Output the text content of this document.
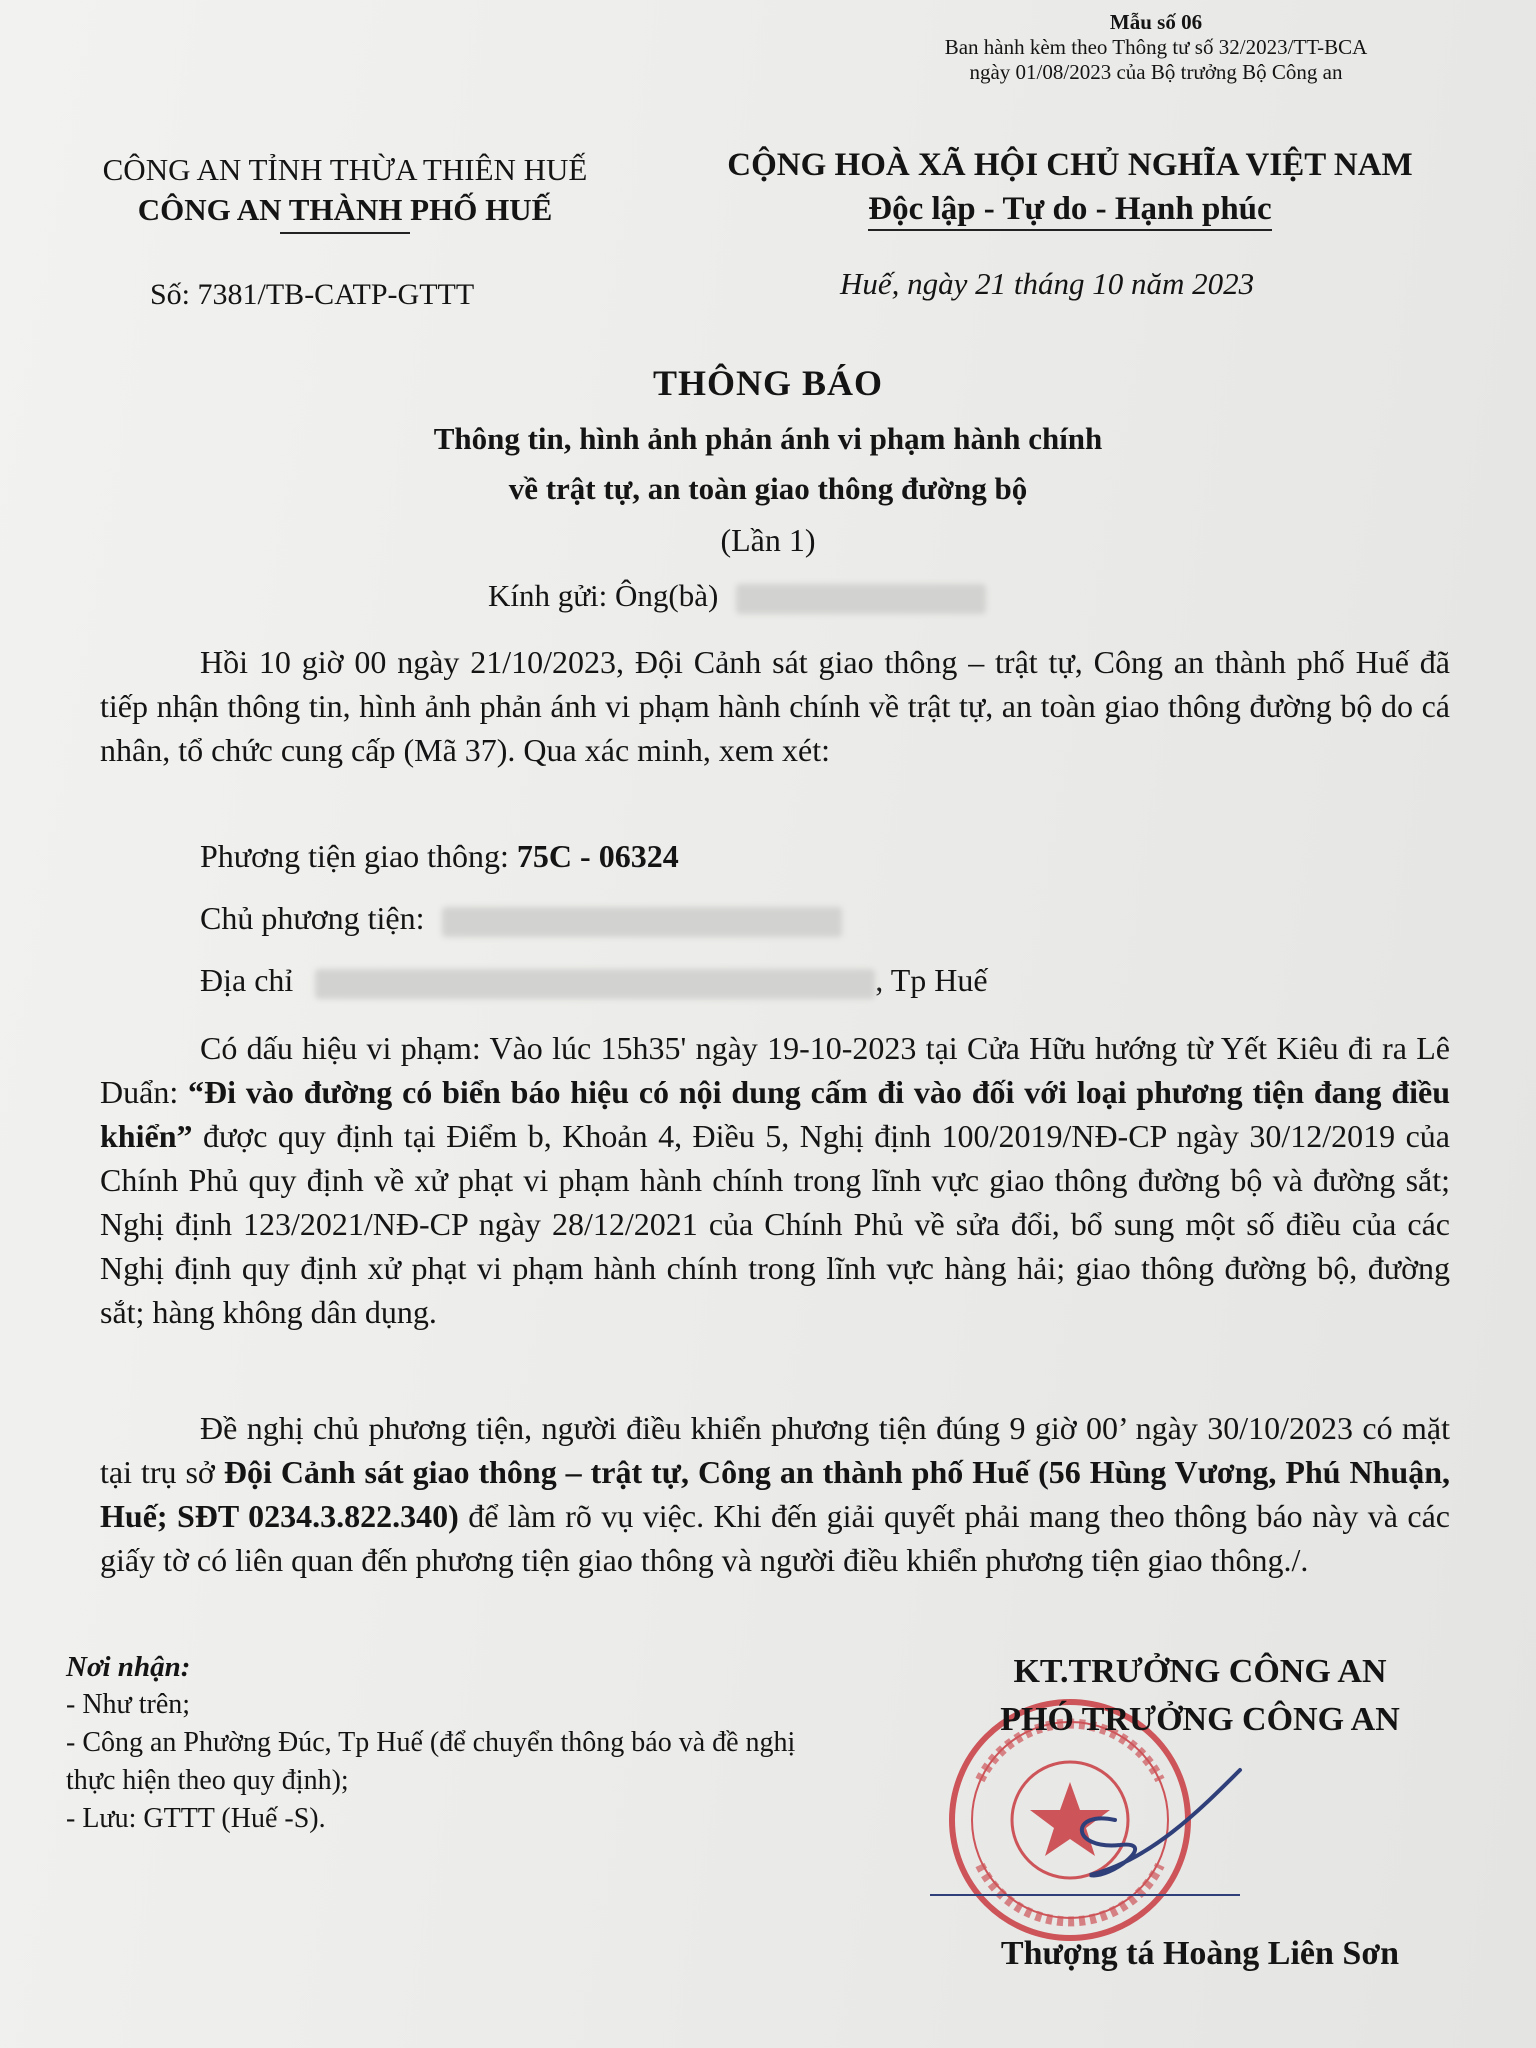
Mẫu số 06
Ban hành kèm theo Thông tư số 32/2023/TT-BCA
ngày 01/08/2023 của Bộ trưởng Bộ Công an
CÔNG AN TỈNH THỪA THIÊN HUẾ
CÔNG AN THÀNH PHỐ HUẾ
CỘNG HOÀ XÃ HỘI CHỦ NGHĨA VIỆT NAM
Độc lập - Tự do - Hạnh phúc
Số: 7381/TB-CATP-GTTT	Huế, ngày 21 tháng 10 năm 2023
THÔNG BÁO
Thông tin, hình ảnh phản ánh vi phạm hành chính
về trật tự, an toàn giao thông đường bộ
(Lần 1)
Kính gửi: Ông(bà)
Hồi 10 giờ 00 ngày 21/10/2023, Đội Cảnh sát giao thông – trật tự, Công an thành phố Huế đã tiếp nhận thông tin, hình ảnh phản ánh vi phạm hành chính về trật tự, an toàn giao thông đường bộ do cá nhân, tổ chức cung cấp (Mã 37). Qua xác minh, xem xét:
Phương tiện giao thông: 75C - 06324
Chủ phương tiện:
Địa chỉ	, Tp Huế
Có dấu hiệu vi phạm: Vào lúc 15h35' ngày 19-10-2023 tại Cửa Hữu hướng từ Yết Kiêu đi ra Lê Duẩn: “Đi vào đường có biển báo hiệu có nội dung cấm đi vào đối với loại phương tiện đang điều khiển” được quy định tại Điểm b, Khoản 4, Điều 5, Nghị định 100/2019/NĐ-CP ngày 30/12/2019 của Chính Phủ quy định về xử phạt vi phạm hành chính trong lĩnh vực giao thông đường bộ và đường sắt; Nghị định 123/2021/NĐ-CP ngày 28/12/2021 của Chính Phủ về sửa đổi, bổ sung một số điều của các Nghị định quy định xử phạt vi phạm hành chính trong lĩnh vực hàng hải; giao thông đường bộ, đường sắt; hàng không dân dụng.
Đề nghị chủ phương tiện, người điều khiển phương tiện đúng 9 giờ 00’ ngày 30/10/2023 có mặt tại trụ sở Đội Cảnh sát giao thông – trật tự, Công an thành phố Huế (56 Hùng Vương, Phú Nhuận, Huế; SĐT 0234.3.822.340) để làm rõ vụ việc. Khi đến giải quyết phải mang theo thông báo này và các giấy tờ có liên quan đến phương tiện giao thông và người điều khiển phương tiện giao thông./.
Nơi nhận:
- Như trên;
- Công an Phường Đúc, Tp Huế (để chuyển thông báo và đề nghị thực hiện theo quy định);
- Lưu: GTTT (Huế -S).
KT.TRƯỞNG CÔNG AN
PHÓ TRƯỞNG CÔNG AN
Thượng tá Hoàng Liên Sơn
